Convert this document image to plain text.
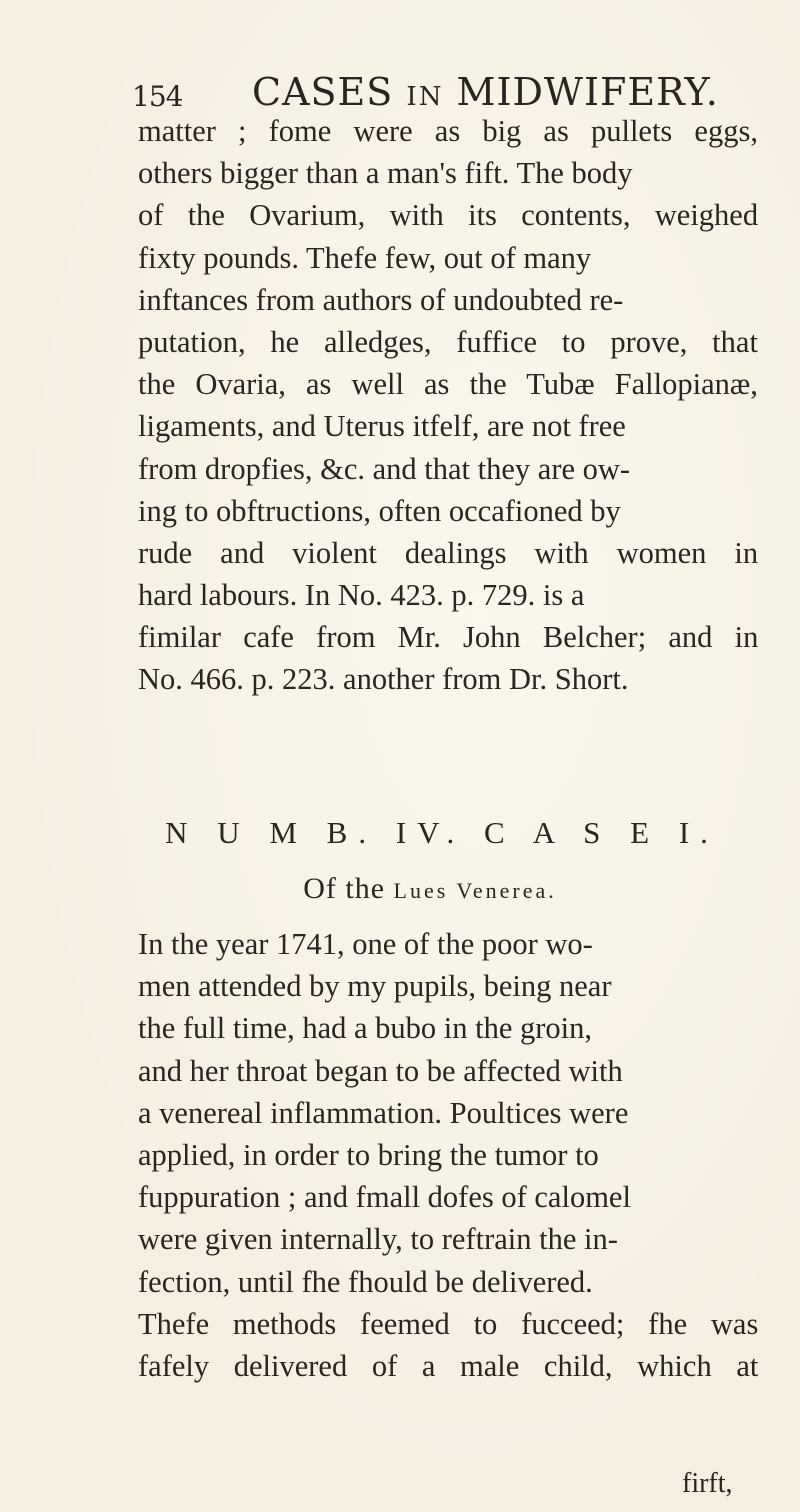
154 CASES IN MIDWIFERY.
matter ; fome were as big as pullets eggs,
others bigger than a man's fift. The body
of the Ovarium, with its contents, weighed
fixty pounds. Thefe few, out of many
inftances from authors of undoubted re-
putation, he alledges, fuffice to prove, that
the Ovaria, as well as the Tubæ Fallopianæ,
ligaments, and Uterus itfelf, are not free
from dropfies, &c. and that they are ow-
ing to obftructions, often occafioned by
rude and violent dealings with women in
hard labours. In No. 423. p. 729. is a
fimilar cafe from Mr. John Belcher; and in
No. 466. p. 223. another from Dr. Short.
N U M B. IV. C A S E I.
Of the Lues Venerea.
In the year 1741, one of the poor wo-
men attended by my pupils, being near
the full time, had a bubo in the groin,
and her throat began to be affected with
a venereal inflammation. Poultices were
applied, in order to bring the tumor to
fuppuration ; and fmall dofes of calomel
were given internally, to reftrain the in-
fection, until fhe fhould be delivered.
Thefe methods feemed to fucceed; fhe was
fafely delivered of a male child, which at
firft,
